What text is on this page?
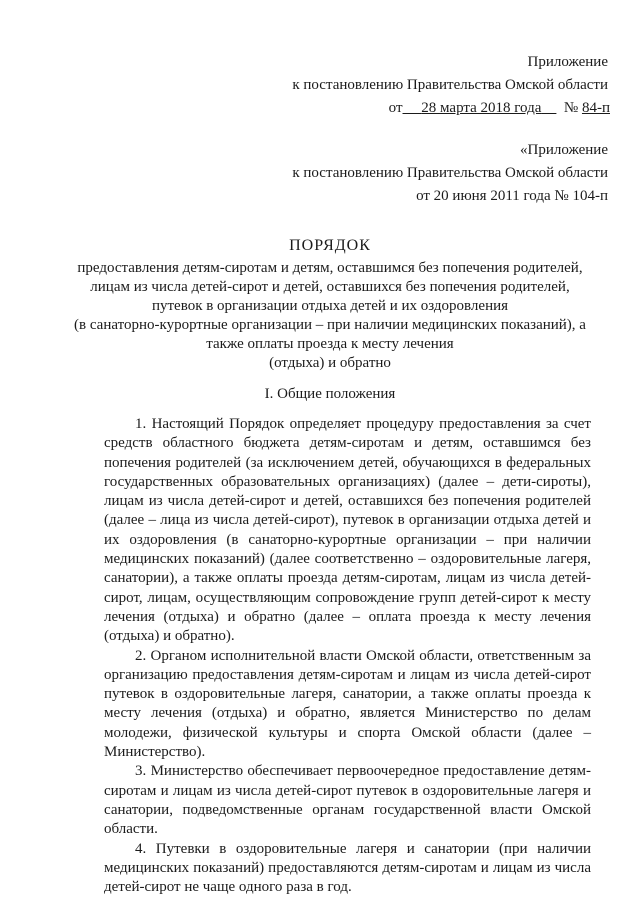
Приложение
к постановлению Правительства Омской области
от 28 марта 2018 года № 84-п
«Приложение
к постановлению Правительства Омской области
от 20 июня 2011 года № 104-п
ПОРЯДОК
предоставления детям-сиротам и детям, оставшимся без попечения родителей,
лицам из числа детей-сирот и детей, оставшихся без попечения родителей,
путевок в организации отдыха детей и их оздоровления
(в санаторно-курортные организации – при наличии медицинских показаний), а
также оплаты проезда к месту лечения
(отдыха) и обратно
I. Общие положения

1. Настоящий Порядок определяет процедуру предоставления за счет средств областного бюджета детям-сиротам и детям, оставшимся без попечения родителей (за исключением детей, обучающихся в федеральных государственных образовательных организациях) (далее – дети-сироты), лицам из числа детей-сирот и детей, оставшихся без попечения родителей (далее – лица из числа детей-сирот), путевок в организации отдыха детей и их оздоровления (в санаторно-курортные организации – при наличии медицинских показаний) (далее соответственно – оздоровительные лагеря, санатории), а также оплаты проезда детям-сиротам, лицам из числа детей-сирот, лицам, осуществляющим сопровождение групп детей-сирот к месту лечения (отдыха) и обратно (далее – оплата проезда к месту лечения (отдыха) и обратно).

2. Органом исполнительной власти Омской области, ответственным за организацию предоставления детям-сиротам и лицам из числа детей-сирот путевок в оздоровительные лагеря, санатории, а также оплаты проезда к месту лечения (отдыха) и обратно, является Министерство по делам молодежи, физической культуры и спорта Омской области (далее – Министерство).

3. Министерство обеспечивает первоочередное предоставление детям-сиротам и лицам из числа детей-сирот путевок в оздоровительные лагеря и санатории, подведомственные органам государственной власти Омской области.

4. Путевки в оздоровительные лагеря и санатории (при наличии медицинских показаний) предоставляются детям-сиротам и лицам из числа детей-сирот не чаще одного раза в год.
